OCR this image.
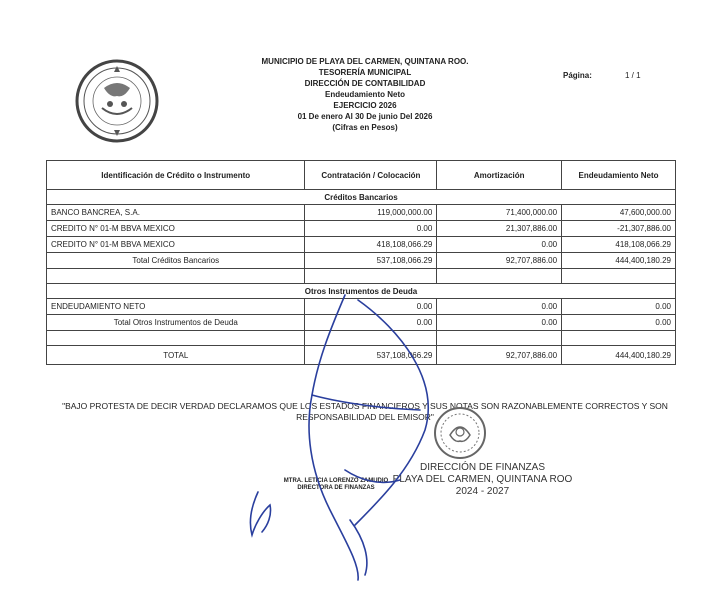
MUNICIPIO DE PLAYA DEL CARMEN, QUINTANA ROO.
TESORERÍA MUNICIPAL
DIRECCIÓN DE CONTABILIDAD
Endeudamiento Neto
EJERCICIO 2026
01 De enero Al 30 De junio Del 2026
(Cifras en Pesos)
Página:	1 / 1
Identificación de Crédito o Instrumento	Contratación / Colocación	Amortización	Endeudamiento Neto
Créditos Bancarios			
BANCO BANCREA, S.A.	119,000,000.00	71,400,000.00	47,600,000.00
CREDITO N° 01-M BBVA MEXICO	0.00	21,307,886.00	-21,307,886.00
CREDITO N° 01-M BBVA MEXICO	418,108,066.29	0.00	418,108,066.29
Total Créditos Bancarios	537,108,066.29	92,707,886.00	444,400,180.29

Otros Instrumentos de Deuda			
ENDEUDAMIENTO NETO	0.00	0.00	0.00
Total Otros Instrumentos de Deuda	0.00	0.00	0.00

TOTAL	537,108,066.29	92,707,886.00	444,400,180.29
"BAJO PROTESTA DE DECIR VERDAD DECLARAMOS QUE LOS ESTADOS FINANCIEROS Y SUS NOTAS SON RAZONABLEMENTE CORRECTOS Y SON RESPONSABILIDAD DEL EMISOR"
DIRECCIÓN DE FINANZAS
PLAYA DEL CARMEN, QUINTANA ROO
2024 - 2027
MTRA. LETICIA LORENZO ZAMUDIO
DIRECTORA DE FINANZAS
